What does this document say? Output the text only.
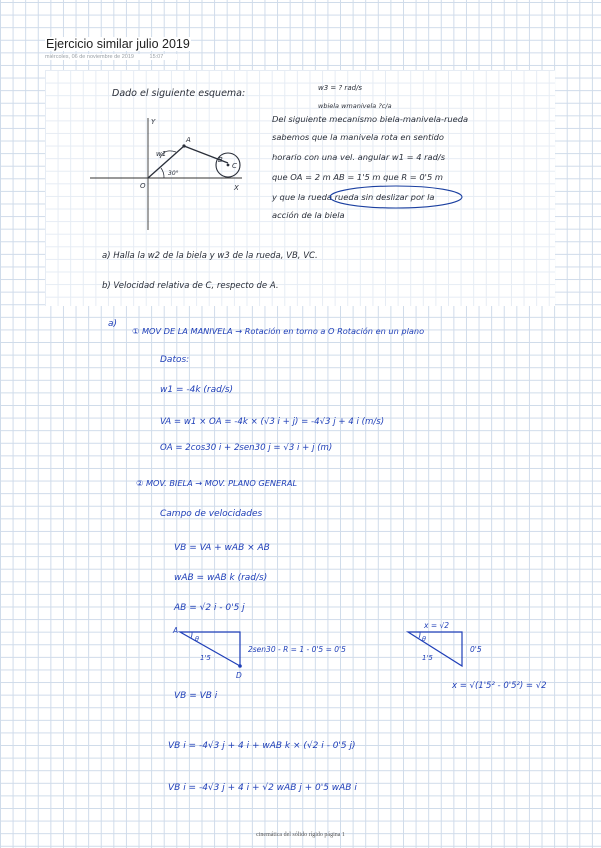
Ejercicio similar julio 2019
miércoles, 06 de noviembre de 2019	15:07
Dado el siguiente esquema:	w3 = ? rad/s
wbiela wmanivela ?c/a
Del siguiente mecanismo biela-manivela-rueda
sabemos que la manivela rota en sentido
horario con una vel. angular w1 = 4 rad/s
que OA = 2 m AB = 1'5 m que R = 0'5 m
y que la rueda rueda sin deslizar por la
acción de la biela
a) Halla la w2 de la biela y w3 de la rueda, VB, VC.
b) Velocidad relativa de C, respecto de A.
Y
X
O
A
B
C
w1
30°
a)
① MOV DE LA MANIVELA → Rotación en torno a O Rotación en un plano
Datos:
w1 = -4k (rad/s)
VA = w1 × OA = -4k × (√3 i + j) = -4√3 j + 4 i (m/s)
OA = 2cos30 i + 2sen30 j = √3 i + j (m)
② MOV. BIELA → MOV. PLANO GENERAL
Campo de velocidades
VB = VA + wAB × AB
wAB = wAB k (rad/s)
AB = √2 i - 0'5 j
A
D
θ
1'5
2sen30 - R = 1 - 0'5 = 0'5
x = √2
0'5
1'5
θ
x = √(1'5² - 0'5²) = √2
VB = VB i
VB i = -4√3 j + 4 i + wAB k × (√2 i - 0'5 j)
VB i = -4√3 j + 4 i + √2 wAB j + 0'5 wAB i
cinemática del sólido rígido página 1
